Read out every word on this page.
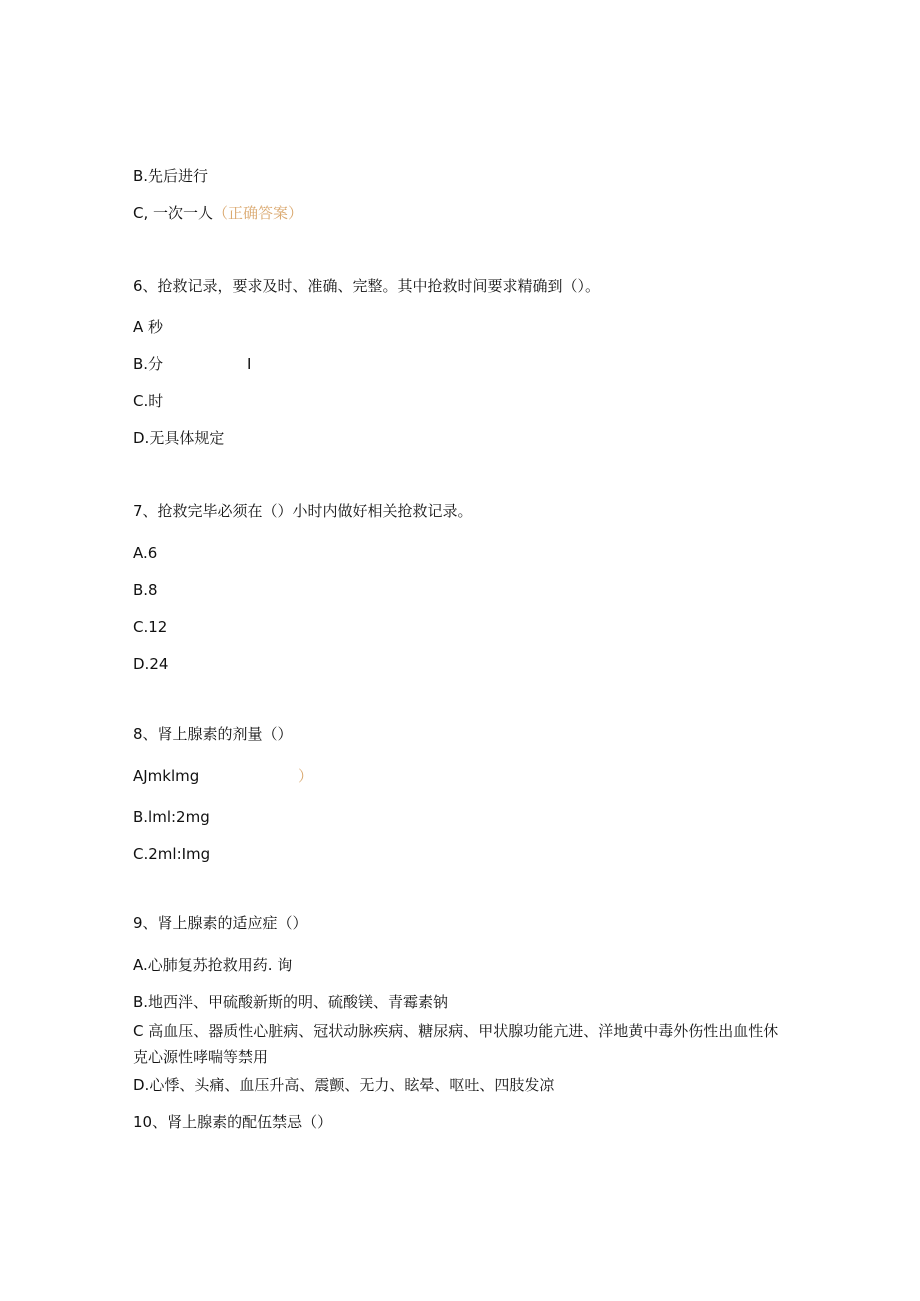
B.先后进行
C, 一次一人（正确答案）
6、抢救记录，要求及时、准确、完整。其中抢救时间要求精确到（）。
A 秒
B.分	I
C.时
D.无具体规定
7、抢救完毕必须在（）小时内做好相关抢救记录。
A.6
B.8
C.12
D.24
8、肾上腺素的剂量（）
AJmklmg	）
B.lml:2mg
C.2ml:Img
9、肾上腺素的适应症（）
A.心肺复苏抢救用药. 询
B.地西泮、甲硫酸新斯的明、硫酸镁、青霉素钠
C 高血压、器质性心脏病、冠状动脉疾病、糖尿病、甲状腺功能亢进、洋地黄中毒外伤性出血性休克心源性哮喘等禁用
D.心悸、头痛、血压升高、震颤、无力、眩晕、呕吐、四肢发凉
10、肾上腺素的配伍禁忌（）
